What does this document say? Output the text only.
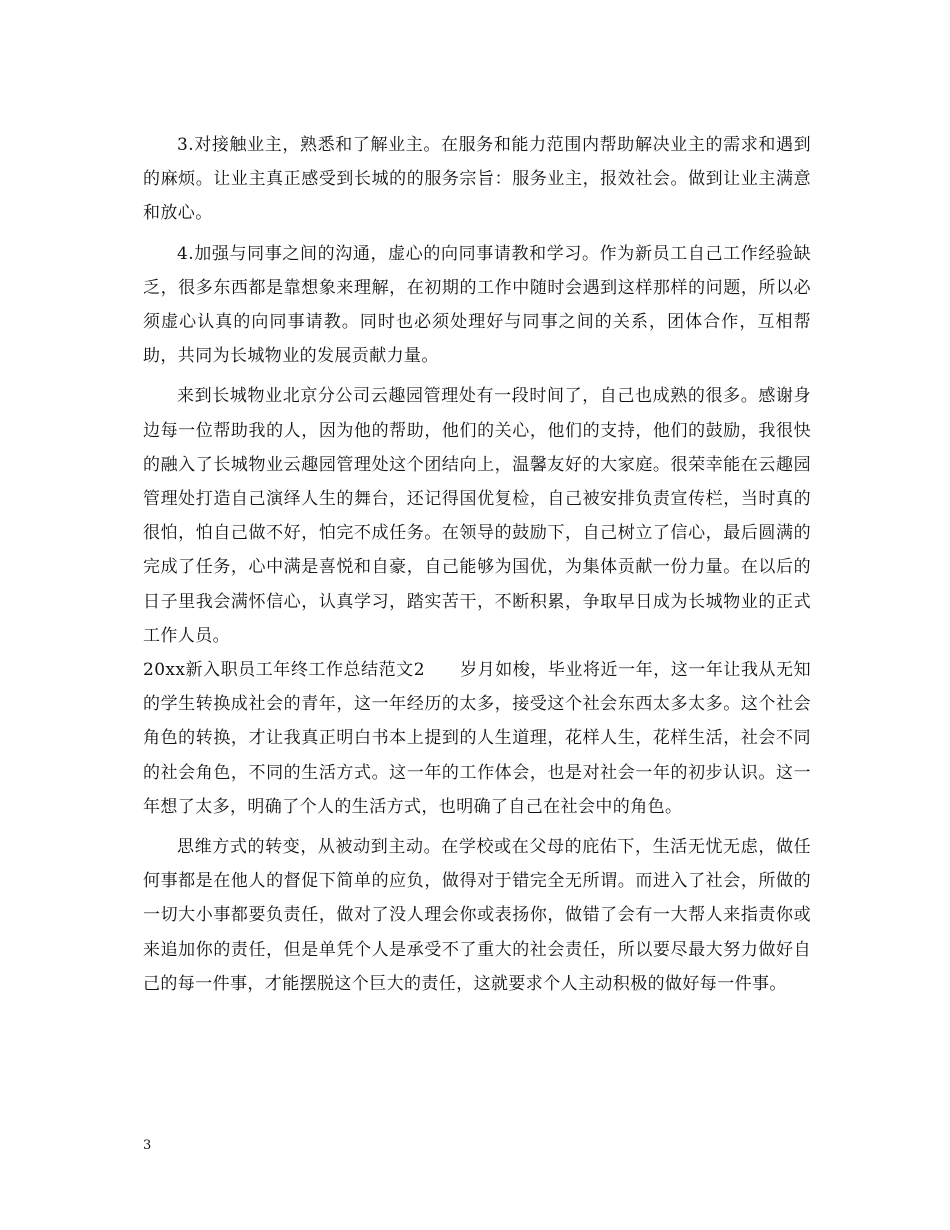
3.对接触业主，熟悉和了解业主。在服务和能力范围内帮助解决业主的需求和遇到的麻烦。让业主真正感受到长城的的服务宗旨：服务业主，报效社会。做到让业主满意和放心。

4.加强与同事之间的沟通，虚心的向同事请教和学习。作为新员工自己工作经验缺乏，很多东西都是靠想象来理解，在初期的工作中随时会遇到这样那样的问题，所以必须虚心认真的向同事请教。同时也必须处理好与同事之间的关系，团体合作，互相帮助，共同为长城物业的发展贡献力量。

来到长城物业北京分公司云趣园管理处有一段时间了，自己也成熟的很多。感谢身边每一位帮助我的人，因为他的帮助，他们的关心，他们的支持，他们的鼓励，我很快的融入了长城物业云趣园管理处这个团结向上，温馨友好的大家庭。很荣幸能在云趣园管理处打造自己演绎人生的舞台，还记得国优复检，自己被安排负责宣传栏，当时真的很怕，怕自己做不好，怕完不成任务。在领导的鼓励下，自己树立了信心，最后圆满的完成了任务，心中满是喜悦和自豪，自己能够为国优，为集体贡献一份力量。在以后的日子里我会满怀信心，认真学习，踏实苦干，不断积累，争取早日成为长城物业的正式工作人员。

20xx新入职员工年终工作总结范文2　　岁月如梭，毕业将近一年，这一年让我从无知的学生转换成社会的青年，这一年经历的太多，接受这个社会东西太多太多。这个社会角色的转换，才让我真正明白书本上提到的人生道理，花样人生，花样生活，社会不同的社会角色，不同的生活方式。这一年的工作体会，也是对社会一年的初步认识。这一年想了太多，明确了个人的生活方式，也明确了自己在社会中的角色。

思维方式的转变，从被动到主动。在学校或在父母的庇佑下，生活无忧无虑，做任何事都是在他人的督促下简单的应负，做得对于错完全无所谓。而进入了社会，所做的一切大小事都要负责任，做对了没人理会你或表扬你，做错了会有一大帮人来指责你或来追加你的责任，但是单凭个人是承受不了重大的社会责任，所以要尽最大努力做好自己的每一件事，才能摆脱这个巨大的责任，这就要求个人主动积极的做好每一件事。

3
